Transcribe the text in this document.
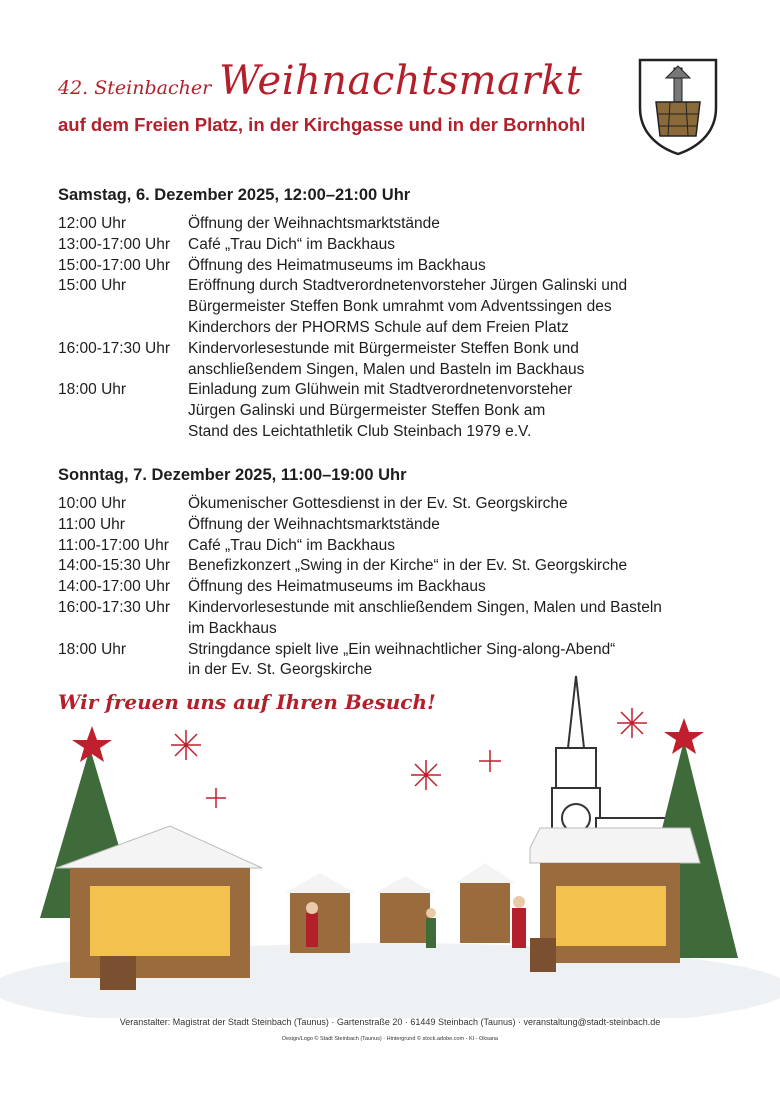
42. Steinbacher Weihnachtsmarkt
auf dem Freien Platz, in der Kirchgasse und in der Bornhohl
Samstag, 6. Dezember 2025, 12:00–21:00 Uhr
12:00 Uhr	Öffnung der Weihnachtsmarktstände
13:00-17:00 Uhr	Café „Trau Dich“ im Backhaus
15:00-17:00 Uhr	Öffnung des Heimatmuseums im Backhaus
15:00 Uhr	Eröffnung durch Stadtverordnetenvorsteher Jürgen Galinski und
Bürgermeister Steffen Bonk umrahmt vom Adventssingen des
Kinderchors der PHORMS Schule auf dem Freien Platz
16:00-17:30 Uhr	Kindervorlesestunde mit Bürgermeister Steffen Bonk und
anschließendem Singen, Malen und Basteln im Backhaus
18:00 Uhr	Einladung zum Glühwein mit Stadtverordnetenvorsteher
Jürgen Galinski und Bürgermeister Steffen Bonk am
Stand des Leichtathletik Club Steinbach 1979 e.V.
Sonntag, 7. Dezember 2025, 11:00–19:00 Uhr
10:00 Uhr	Ökumenischer Gottesdienst in der Ev. St. Georgskirche
11:00 Uhr	Öffnung der Weihnachtsmarktstände
11:00-17:00 Uhr	Café „Trau Dich“ im Backhaus
14:00-15:30 Uhr	Benefizkonzert „Swing in der Kirche“ in der Ev. St. Georgskirche
14:00-17:00 Uhr	Öffnung des Heimatmuseums im Backhaus
16:00-17:30 Uhr	Kindervorlesestunde mit anschließendem Singen, Malen und Basteln
im Backhaus
18:00 Uhr	Stringdance spielt live „Ein weihnachtlicher Sing-along-Abend“
in der Ev. St. Georgskirche
Wir freuen uns auf Ihren Besuch!
Veranstalter: Magistrat der Stadt Steinbach (Taunus) · Gartenstraße 20 · 61449 Steinbach (Taunus) · veranstaltung@stadt-steinbach.de
Design/Logo © Stadt Steinbach (Taunus) · Hintergrund © stock.adobe.com - KI - Oksana
